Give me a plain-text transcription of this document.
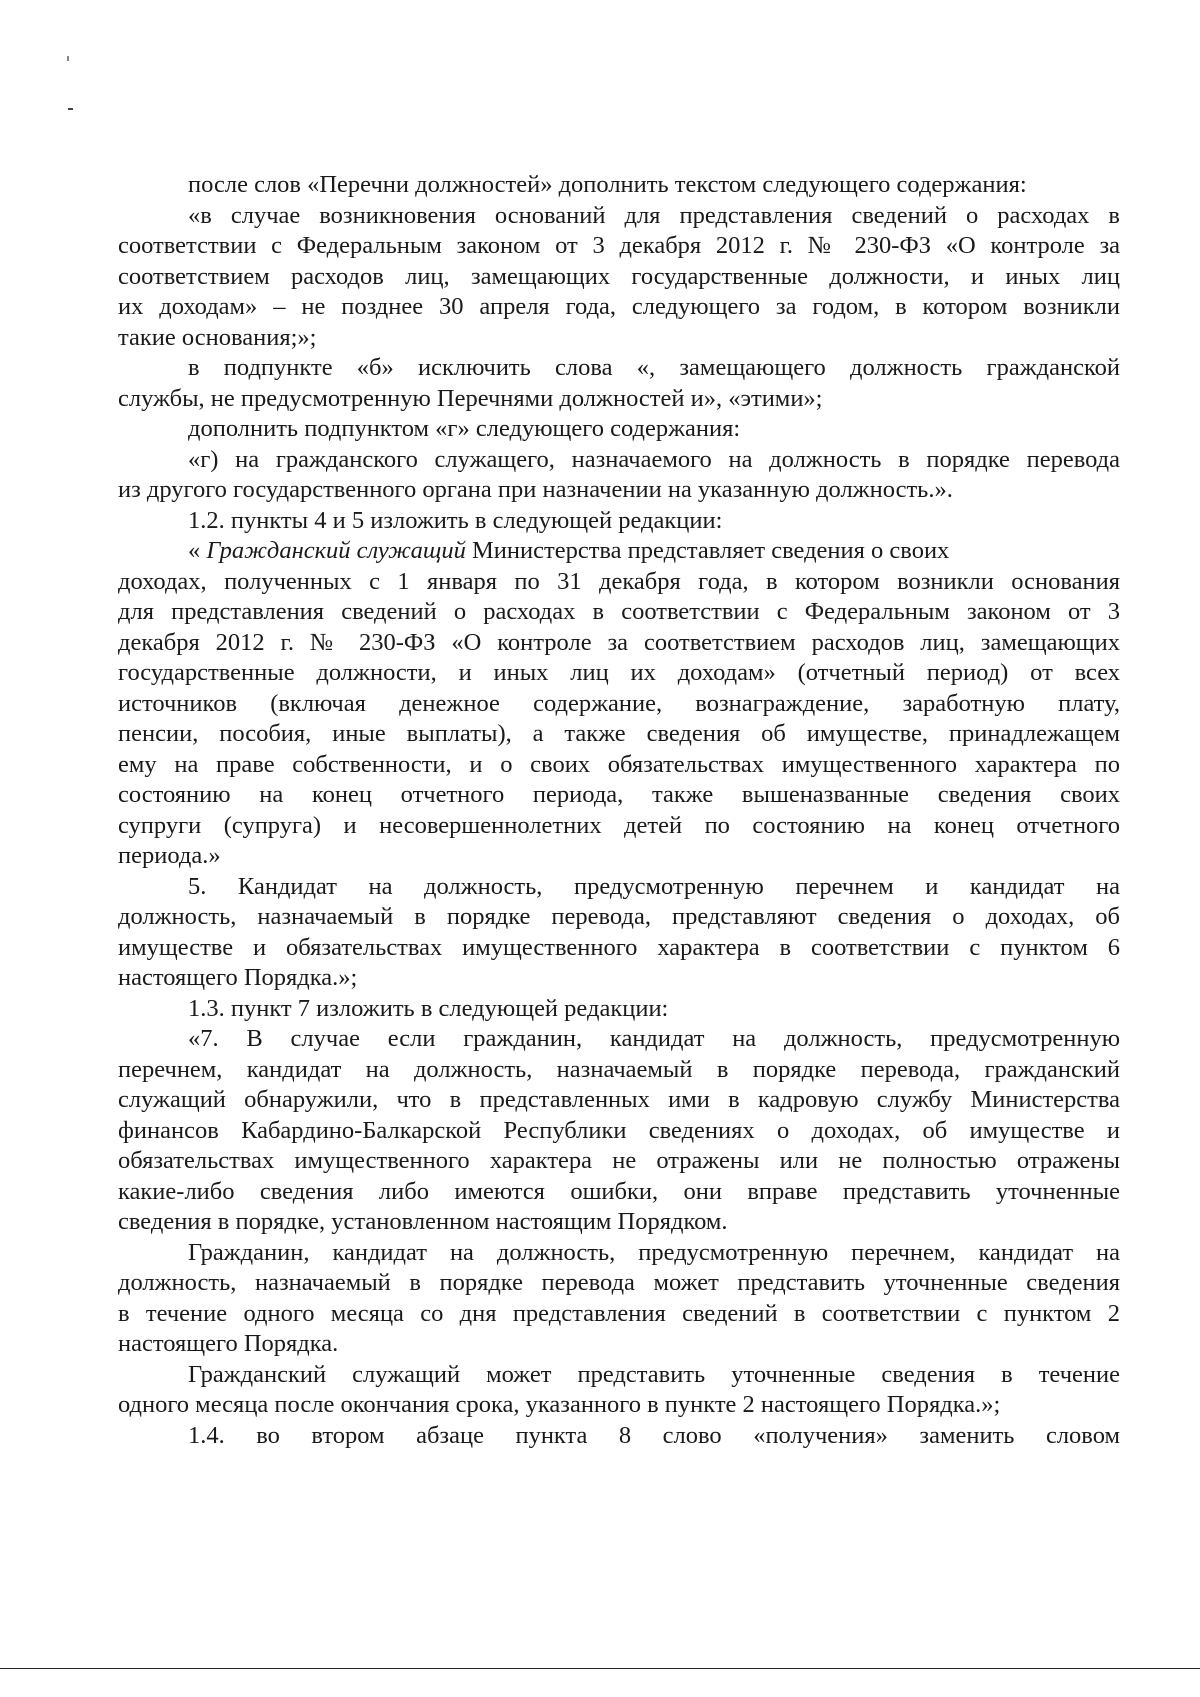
после слов «Перечни должностей» дополнить текстом следующего содержания:
«в случае возникновения оснований для представления сведений о расходах в
соответствии с Федеральным законом от 3 декабря 2012 г. № 230-ФЗ «О контроле за
соответствием расходов лиц, замещающих государственные должности, и иных лиц
их доходам» – не позднее 30 апреля года, следующего за годом, в котором возникли
такие основания;»;
в подпункте «б» исключить слова «, замещающего должность гражданской
службы, не предусмотренную Перечнями должностей и», «этими»;
дополнить подпунктом «г» следующего содержания:
«г) на гражданского служащего, назначаемого на должность в порядке перевода
из другого государственного органа при назначении на указанную должность.».
1.2. пункты 4 и 5 изложить в следующей редакции:
« Гражданский служащий Министерства представляет сведения о своих
доходах, полученных с 1 января по 31 декабря года, в котором возникли основания
для представления сведений о расходах в соответствии с Федеральным законом от 3
декабря 2012 г. № 230-ФЗ «О контроле за соответствием расходов лиц, замещающих
государственные должности, и иных лиц их доходам» (отчетный период) от всех
источников (включая денежное содержание, вознаграждение, заработную плату,
пенсии, пособия, иные выплаты), а также сведения об имуществе, принадлежащем
ему на праве собственности, и о своих обязательствах имущественного характера по
состоянию на конец отчетного периода, также вышеназванные сведения своих
супруги (супруга) и несовершеннолетних детей по состоянию на конец отчетного
периода.»
5. Кандидат на должность, предусмотренную перечнем и кандидат на
должность, назначаемый в порядке перевода, представляют сведения о доходах, об
имуществе и обязательствах имущественного характера в соответствии с пунктом 6
настоящего Порядка.»;
1.3. пункт 7 изложить в следующей редакции:
«7. В случае если гражданин, кандидат на должность, предусмотренную
перечнем, кандидат на должность, назначаемый в порядке перевода, гражданский
служащий обнаружили, что в представленных ими в кадровую службу Министерства
финансов Кабардино-Балкарской Республики сведениях о доходах, об имуществе и
обязательствах имущественного характера не отражены или не полностью отражены
какие-либо сведения либо имеются ошибки, они вправе представить уточненные
сведения в порядке, установленном настоящим Порядком.
Гражданин, кандидат на должность, предусмотренную перечнем, кандидат на
должность, назначаемый в порядке перевода может представить уточненные сведения
в течение одного месяца со дня представления сведений в соответствии с пунктом 2
настоящего Порядка.
Гражданский служащий может представить уточненные сведения в течение
одного месяца после окончания срока, указанного в пункте 2 настоящего Порядка.»;
1.4. во втором абзаце пункта 8 слово «получения» заменить словом
